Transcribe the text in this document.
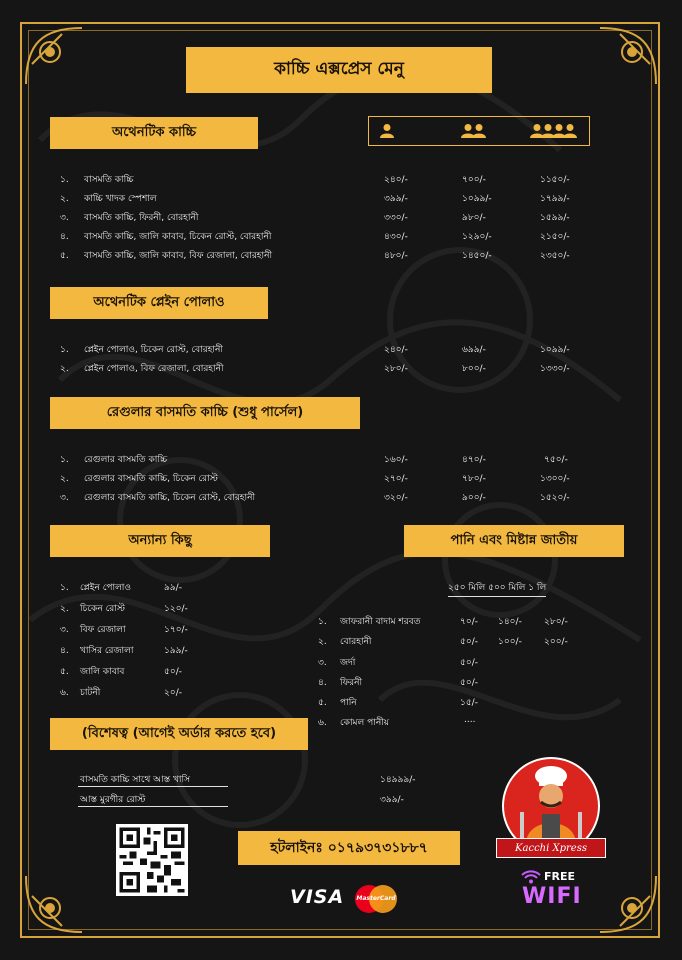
কাচ্চি এক্সপ্রেস মেনু
অথেনটিক কাচ্চি
১. বাসমতি কাচ্চি	২৪০/-	৭০০/-	১১৫০/-
২. কাচ্চি খাদক স্পেশাল	৩৯৯/-	১০৯৯/-	১৭৯৯/-
৩. বাসমতি কাচ্চি, ফিরনী, বোরহানী	৩৩০/-	৯৮০/-	১৫৯৯/-
৪. বাসমতি কাচ্চি, জালি কাবাব, চিকেন রোস্ট, বোরহানী	৪৩০/-	১২৯০/-	২১৫০/-
৫. বাসমতি কাচ্চি, জালি কাবাব, বিফ রেজালা, বোরহানী	৪৮০/-	১৪৫০/-	২৩৫০/-
অথেনটিক প্লেইন পোলাও
১. প্লেইন পোলাও, চিকেন রোস্ট, বোরহানী	২৪০/-	৬৯৯/-	১০৯৯/-
২. প্লেইন পোলাও, বিফ রেজালা, বোরহানী	২৮০/-	৮০০/-	১৩৩০/-
রেগুলার বাসমতি কাচ্চি (শুধু পার্সেল)
১. রেগুলার বাসমতি কাচ্চি	১৬০/-	৪৭০/-	৭৫০/-
২. রেগুলার বাসমতি কাচ্চি, চিকেন রোস্ট	২৭০/-	৭৮০/-	১৩০০/-
৩. রেগুলার বাসমতি কাচ্চি, চিকেন রোস্ট, বোরহানী	৩২০/-	৯০০/-	১৫২০/-
অন্যান্য কিছু
১. প্লেইন পোলাও	৯৯/-
২. চিকেন রোস্ট	১২০/-
৩. বিফ রেজালা	১৭০/-
৪. খাসির রেজালা	১৯৯/-
৫. জালি কাবাব	৫০/-
৬. চাটনী	২০/-
পানি এবং মিষ্টান্ন জাতীয়
২৫০ মিলি ৫০০ মিলি ১ লি
১. জাফরানী বাদাম শরবত	৭০/- ১৪০/- ২৮০/-
২. বোরহানী	৫০/- ১০০/- ২০০/-
৩. জর্দা	৫০/-
৪. ফিরনী	৫০/-
৫. পানি	১৫/-
৬. কোমল পানীয়	....
(বিশেষত্ব (আগেই অর্ডার করতে হবে)
বাসমতি কাচ্চি সাথে আস্ত খাসি	১৪৯৯৯/-
আস্ত মুরগীর রোস্ট	৩৯৯/-
হটলাইনঃ ০১৭৯৩৭৩১৮৮৭
VISA	MasterCard
Kacchi Xpress
FREE
WIFI
